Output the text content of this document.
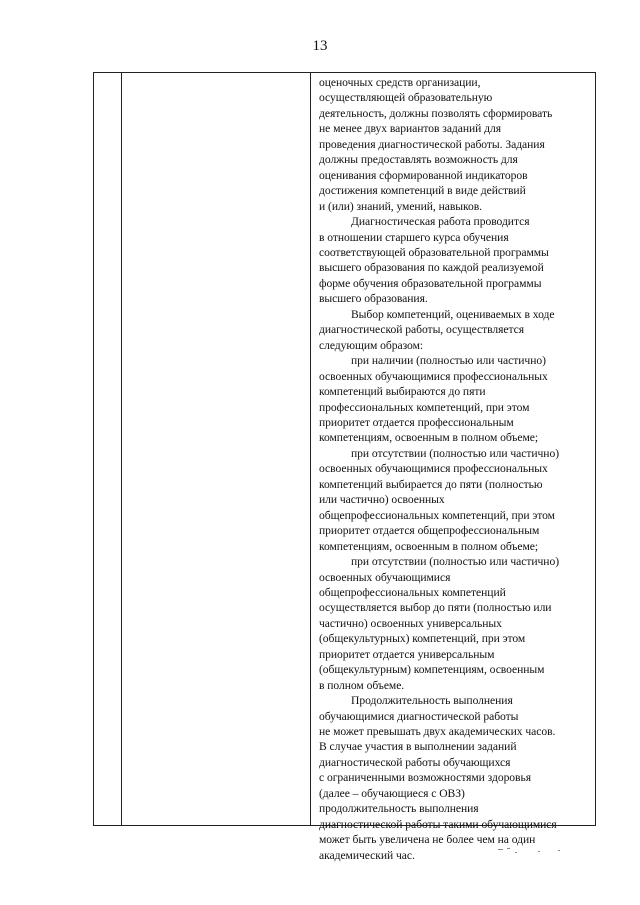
13
оценочных средств организации,
осуществляющей образовательную
деятельность, должны позволять сформировать
не менее двух вариантов заданий для
проведения диагностической работы. Задания
должны предоставлять возможность для
оценивания сформированной индикаторов
достижения компетенций в виде действий
и (или) знаний, умений, навыков.
Диагностическая работа проводится
в отношении старшего курса обучения
соответствующей образовательной программы
высшего образования по каждой реализуемой
форме обучения образовательной программы
высшего образования.
Выбор компетенций, оцениваемых в ходе
диагностической работы, осуществляется
следующим образом:
при наличии (полностью или частично)
освоенных обучающимися профессиональных
компетенций выбираются до пяти
профессиональных компетенций, при этом
приоритет отдается профессиональным
компетенциям, освоенным в полном объеме;
при отсутствии (полностью или частично)
освоенных обучающимися профессиональных
компетенций выбирается до пяти (полностью
или частично) освоенных
общепрофессиональных компетенций, при этом
приоритет отдается общепрофессиональным
компетенциям, освоенным в полном объеме;
при отсутствии (полностью или частично)
освоенных обучающимися
общепрофессиональных компетенций
осуществляется выбор до пяти (полностью или
частично) освоенных универсальных
(общекультурных) компетенций, при этом
приоритет отдается универсальным
(общекультурным) компетенциям, освоенным
в полном объеме.
Продолжительность выполнения
обучающимися диагностической работы
не может превышать двух академических часов.
В случае участия в выполнении заданий
диагностической работы обучающихся
с ограниченными возможностями здоровья
(далее – обучающиеся с ОВЗ)
продолжительность выполнения
диагностической работы такими обучающимися
может быть увеличена не более чем на один
академический час.
